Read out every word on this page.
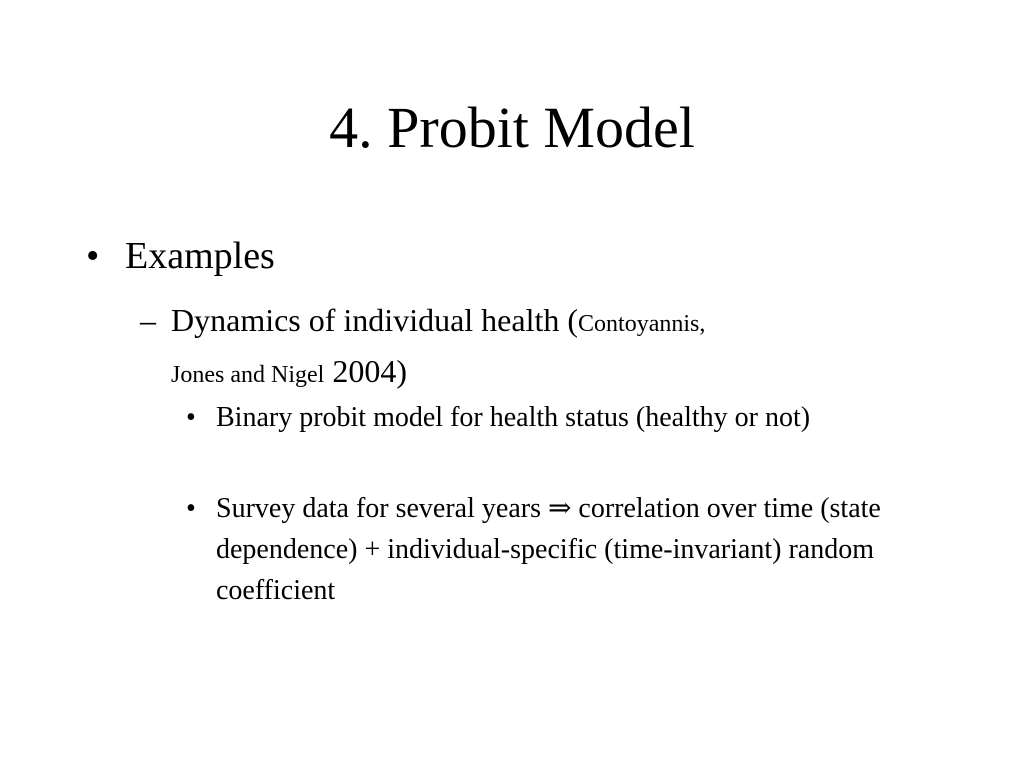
4. Probit Model
• Examples
– Dynamics of individual health (Contoyannis,
Jones and Nigel 2004)
• Binary probit model for health status (healthy or not)
• Survey data for several years ⇒ correlation over time (state dependence) + individual-specific (time-invariant) random coefficient
